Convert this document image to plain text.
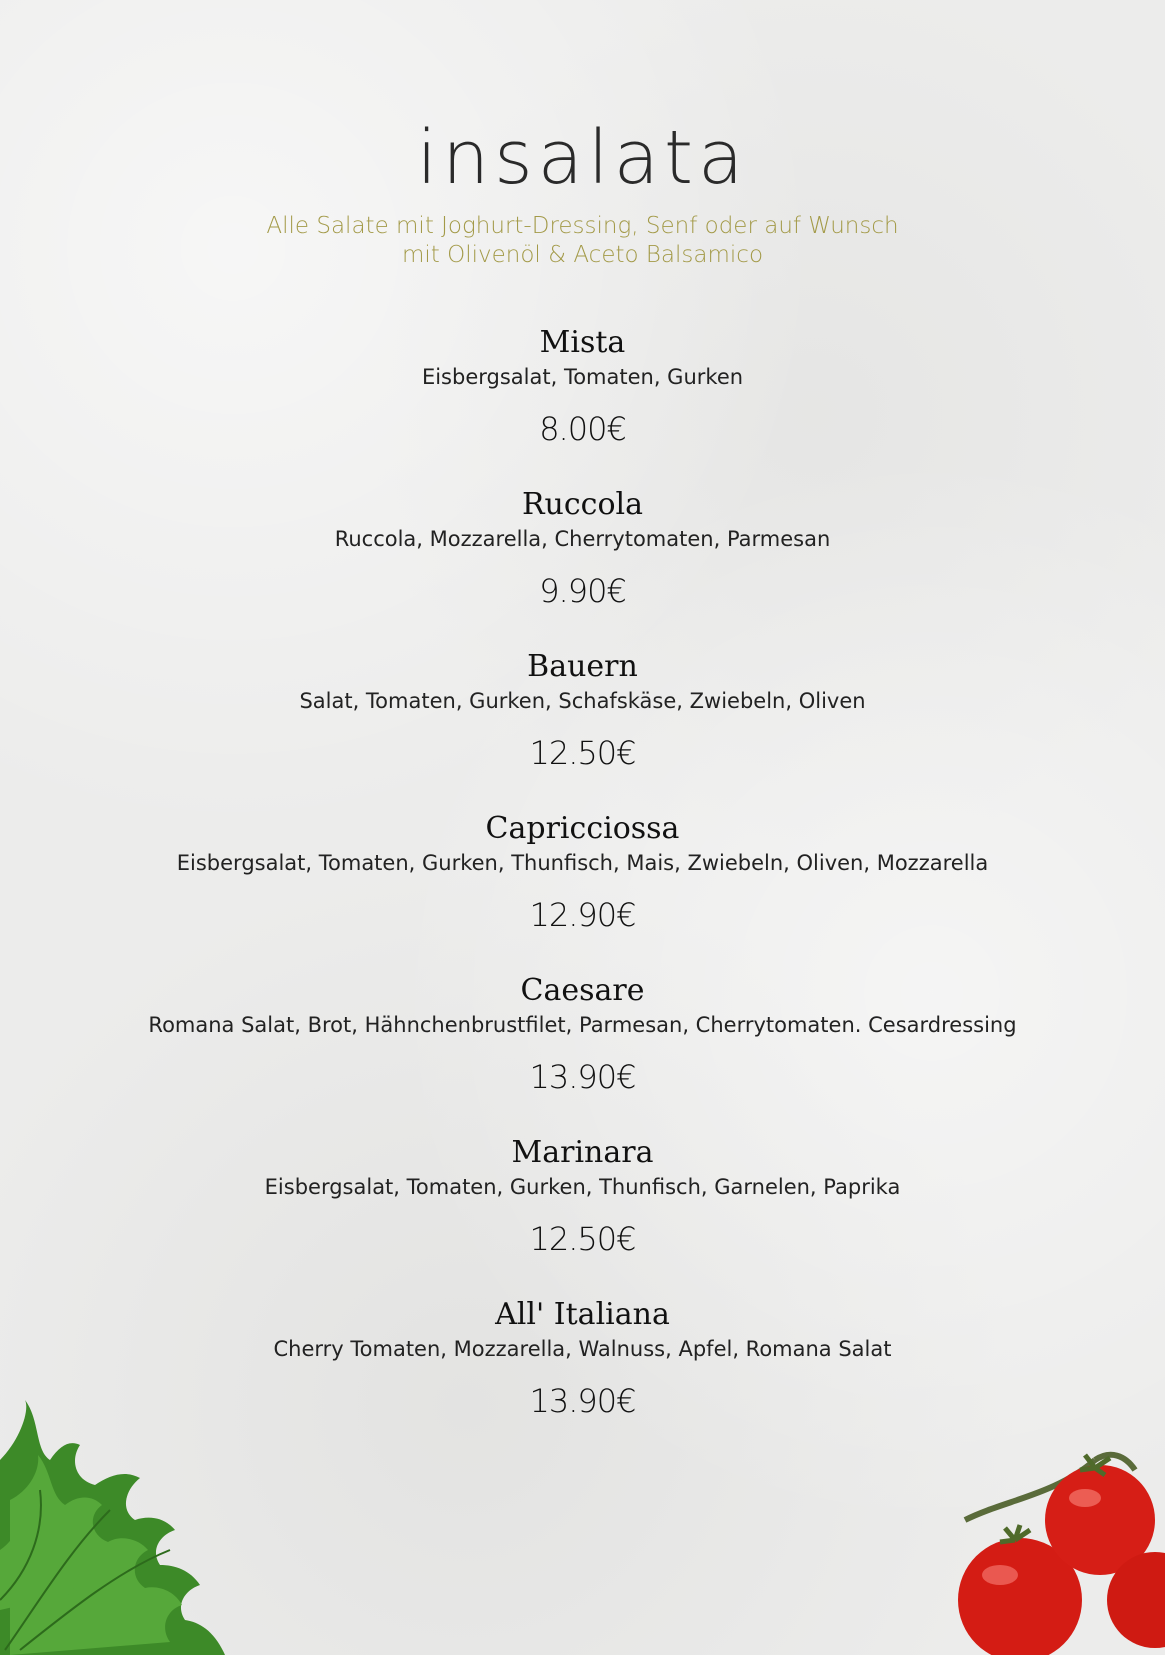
insalata
Alle Salate mit Joghurt-Dressing, Senf oder auf Wunsch
mit Olivenöl & Aceto Balsamico
Mista
Eisbergsalat, Tomaten, Gurken
8.00€
Ruccola
Ruccola, Mozzarella, Cherrytomaten, Parmesan
9.90€
Bauern
Salat, Tomaten, Gurken, Schafskäse, Zwiebeln, Oliven
12.50€
Capricciossa
Eisbergsalat, Tomaten, Gurken, Thunfisch, Mais, Zwiebeln, Oliven, Mozzarella
12.90€
Caesare
Romana Salat, Brot, Hähnchenbrustfilet, Parmesan, Cherrytomaten. Cesardressing
13.90€
Marinara
Eisbergsalat, Tomaten, Gurken, Thunfisch, Garnelen, Paprika
12.50€
All' Italiana
Cherry Tomaten, Mozzarella, Walnuss, Apfel, Romana Salat
13.90€
